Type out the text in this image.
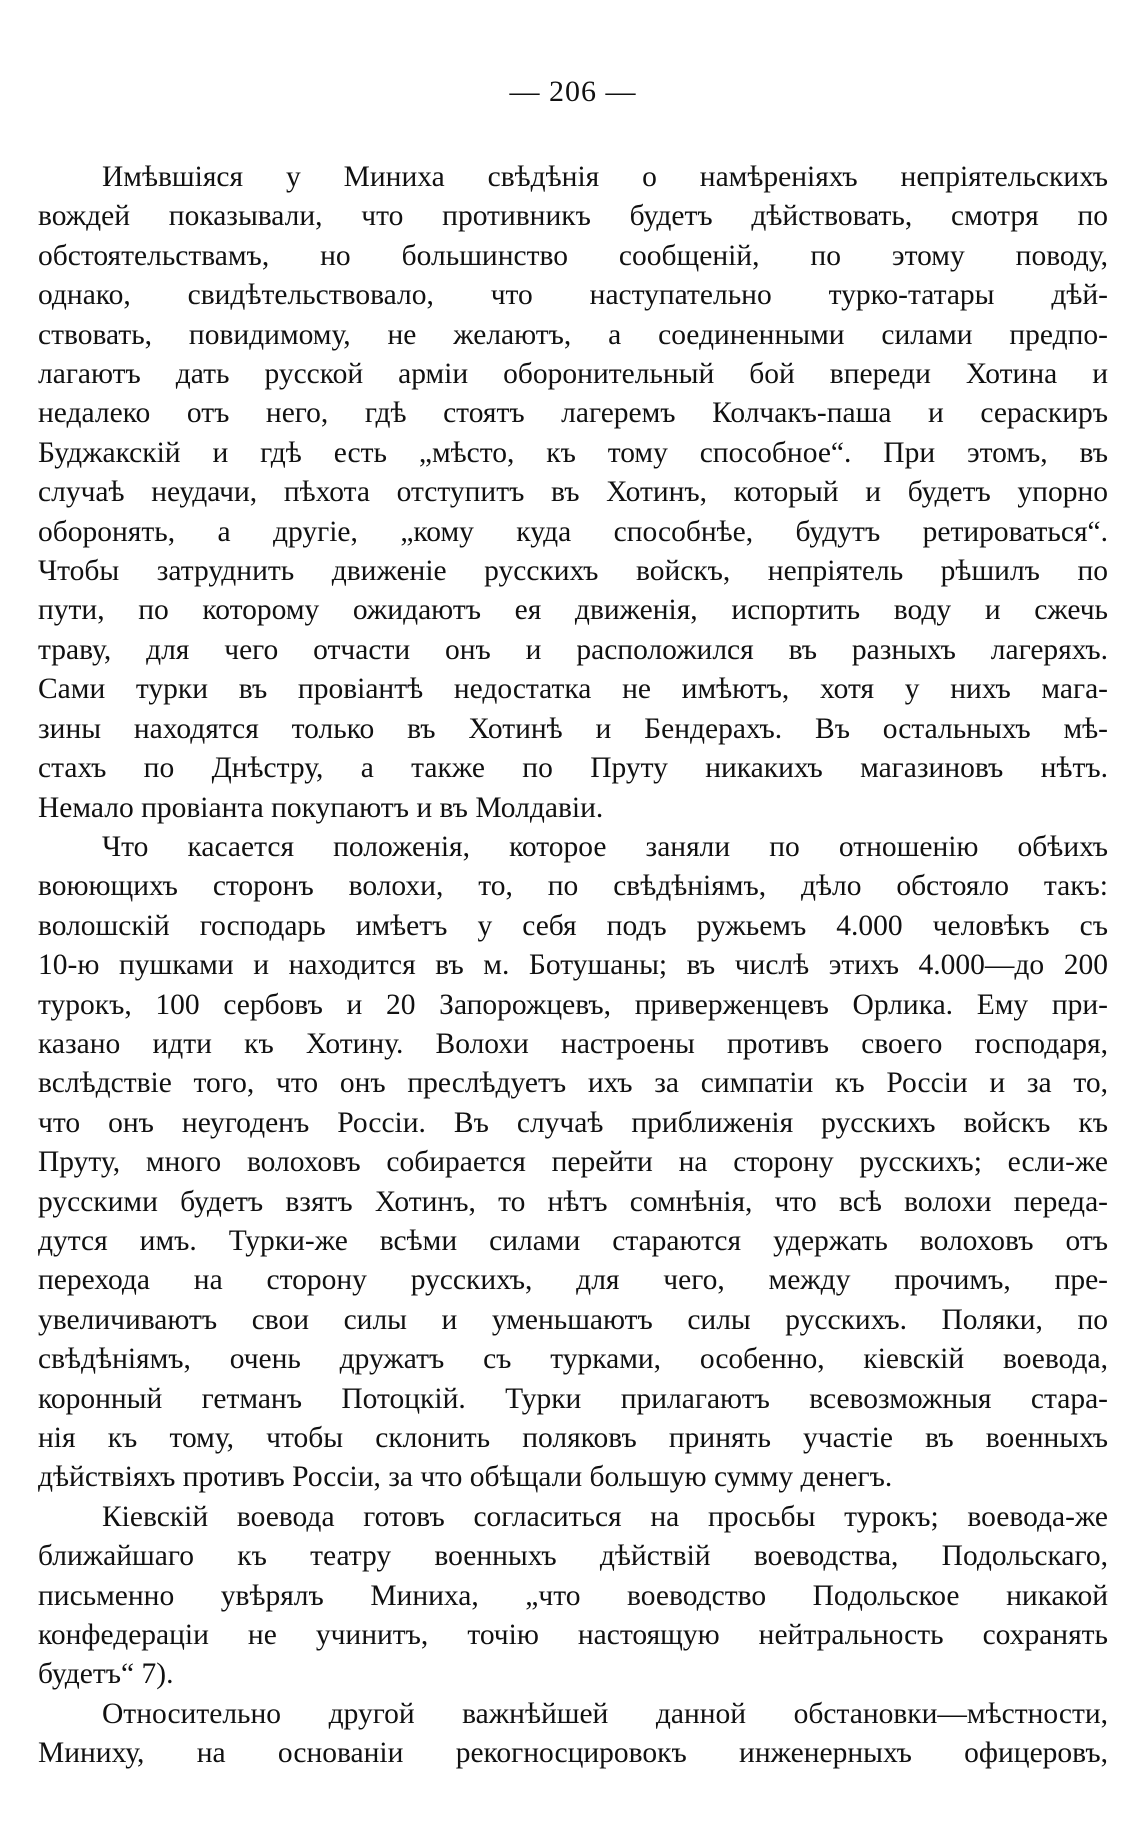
— 206 —
Имѣвшіяся у Миниха свѣдѣнія о намѣреніяхъ непріятельскихъ
вождей показывали, что противникъ будетъ дѣйствовать, смотря по
обстоятельствамъ, но большинство сообщеній, по этому поводу,
однако, свидѣтельствовало, что наступательно турко-татары дѣй-
ствовать, повидимому, не желаютъ, а соединенными силами предпо-
лагаютъ дать русской арміи оборонительный бой впереди Хотина и
недалеко отъ него, гдѣ стоятъ лагеремъ Колчакъ-паша и сераскиръ
Буджакскій и гдѣ есть „мѣсто, къ тому способное“. При этомъ, въ
случаѣ неудачи, пѣхота отступитъ въ Хотинъ, который и будетъ упорно
оборонять, а другіе, „кому куда способнѣе, будутъ ретироваться“.
Чтобы затруднить движеніе русскихъ войскъ, непріятель рѣшилъ по
пути, по которому ожидаютъ ея движенія, испортить воду и сжечь
траву, для чего отчасти онъ и расположился въ разныхъ лагеряхъ.
Сами турки въ провіантѣ недостатка не имѣютъ, хотя у нихъ мага-
зины находятся только въ Хотинѣ и Бендерахъ. Въ остальныхъ мѣ-
стахъ по Днѣстру, а также по Пруту никакихъ магазиновъ нѣтъ.
Немало провіанта покупаютъ и въ Молдавіи.
Что касается положенія, которое заняли по отношенію обѣихъ
воюющихъ сторонъ волохи, то, по свѣдѣніямъ, дѣло обстояло такъ:
волошскій господарь имѣетъ у себя подъ ружьемъ 4.000 человѣкъ съ
10-ю пушками и находится въ м. Ботушаны; въ числѣ этихъ 4.000—до 200
турокъ, 100 сербовъ и 20 Запорожцевъ, приверженцевъ Орлика. Ему при-
казано идти къ Хотину. Волохи настроены противъ своего господаря,
вслѣдствіе того, что онъ преслѣдуетъ ихъ за симпатіи къ Россіи и за то,
что онъ неугоденъ Россіи. Въ случаѣ приближенія русскихъ войскъ къ
Пруту, много волоховъ собирается перейти на сторону русскихъ; если-же
русскими будетъ взятъ Хотинъ, то нѣтъ сомнѣнія, что всѣ волохи переда-
дутся имъ. Турки-же всѣми силами стараются удержать волоховъ отъ
перехода на сторону русскихъ, для чего, между прочимъ, пре-
увеличиваютъ свои силы и уменьшаютъ силы русскихъ. Поляки, по
свѣдѣніямъ, очень дружатъ съ турками, особенно, кіевскій воевода,
коронный гетманъ Потоцкій. Турки прилагаютъ всевозможныя стара-
нія къ тому, чтобы склонить поляковъ принять участіе въ военныхъ
дѣйствіяхъ противъ Россіи, за что обѣщали большую сумму денегъ.
Кіевскій воевода готовъ согласиться на просьбы турокъ; воевода-же
ближайшаго къ театру военныхъ дѣйствій воеводства, Подольскаго,
письменно увѣрялъ Миниха, „что воеводство Подольское никакой
конфедераціи не учинитъ, точію настоящую нейтральность сохранять
будетъ“ 7).
Относительно другой важнѣйшей данной обстановки—мѣстности,
Миниху, на основаніи рекогносцировокъ инженерныхъ офицеровъ,
